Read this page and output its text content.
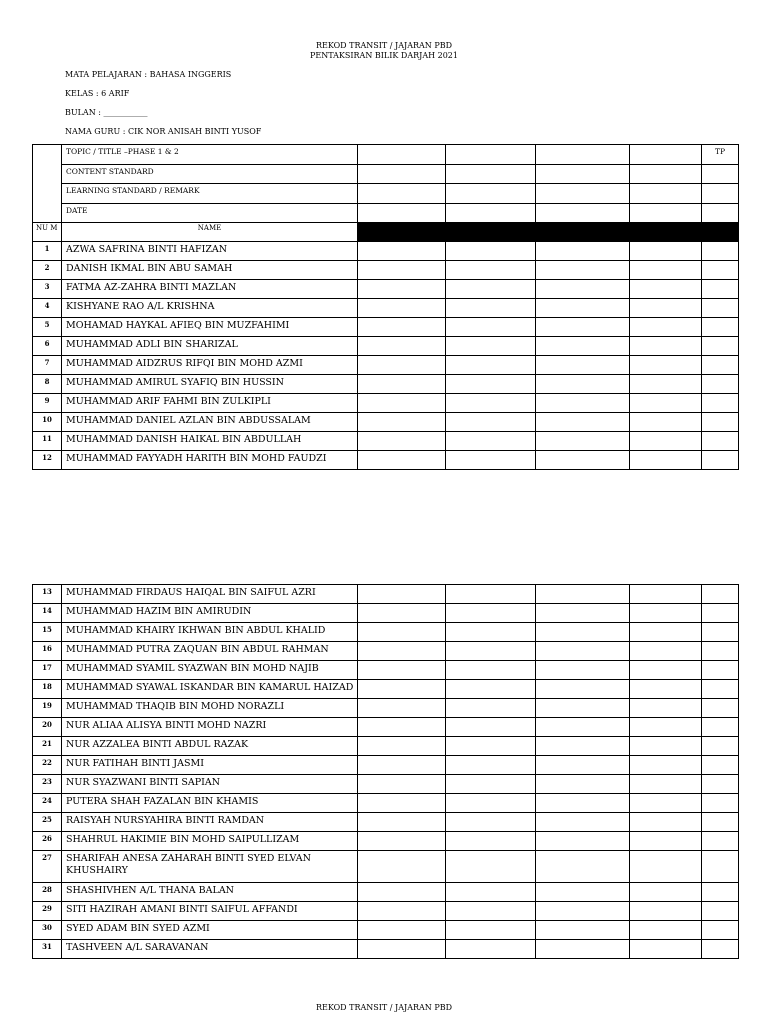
REKOD TRANSIT / JAJARAN PBD
PENTAKSIRAN BILIK DARJAH 2021
MATA PELAJARAN : BAHASA INGGERIS
KELAS : 6 ARIF
BULAN : ___________
NAMA GURU : CIK NOR ANISAH BINTI YUSOF
	TOPIC / TITLE –PHASE 1 & 2					TP
	CONTENT STANDARD					
	LEARNING STANDARD / REMARK					
	DATE					
NU M	NAME					
1	AZWA SAFRINA BINTI HAFIZAN					
2	DANISH IKMAL BIN ABU SAMAH					
3	FATMA AZ-ZAHRA BINTI MAZLAN					
4	KISHYANE RAO A/L KRISHNA					
5	MOHAMAD HAYKAL AFIEQ BIN MUZFAHIMI					
6	MUHAMMAD ADLI BIN SHARIZAL					
7	MUHAMMAD AIDZRUS RIFQI BIN MOHD AZMI					
8	MUHAMMAD AMIRUL SYAFIQ BIN HUSSIN					
9	MUHAMMAD ARIF FAHMI BIN ZULKIPLI					
10	MUHAMMAD DANIEL AZLAN BIN ABDUSSALAM					
11	MUHAMMAD DANISH HAIKAL BIN ABDULLAH					
12	MUHAMMAD FAYYADH HARITH BIN MOHD FAUDZI					
13	MUHAMMAD FIRDAUS HAIQAL BIN SAIFUL AZRI					
14	MUHAMMAD HAZIM BIN AMIRUDIN					
15	MUHAMMAD KHAIRY IKHWAN BIN ABDUL KHALID					
16	MUHAMMAD PUTRA ZAQUAN BIN ABDUL RAHMAN					
17	MUHAMMAD SYAMIL SYAZWAN BIN MOHD NAJIB					
18	MUHAMMAD SYAWAL ISKANDAR BIN KAMARUL HAIZAD					
19	MUHAMMAD THAQIB BIN MOHD NORAZLI					
20	NUR ALIAA ALISYA BINTI MOHD NAZRI					
21	NUR AZZALEA BINTI ABDUL RAZAK					
22	NUR FATIHAH BINTI JASMI					
23	NUR SYAZWANI BINTI SAPIAN					
24	PUTERA SHAH FAZALAN BIN KHAMIS					
25	RAISYAH NURSYAHIRA BINTI RAMDAN					
26	SHAHRUL HAKIMIE BIN MOHD SAIPULLIZAM					
27	SHARIFAH ANESA ZAHARAH BINTI SYED ELVAN KHUSHAIRY					
28	SHASHIVHEN A/L THANA BALAN					
29	SITI HAZIRAH AMANI BINTI SAIFUL AFFANDI					
30	SYED ADAM BIN SYED AZMI					
31	TASHVEEN A/L SARAVANAN					
REKOD TRANSIT / JAJARAN PBD
